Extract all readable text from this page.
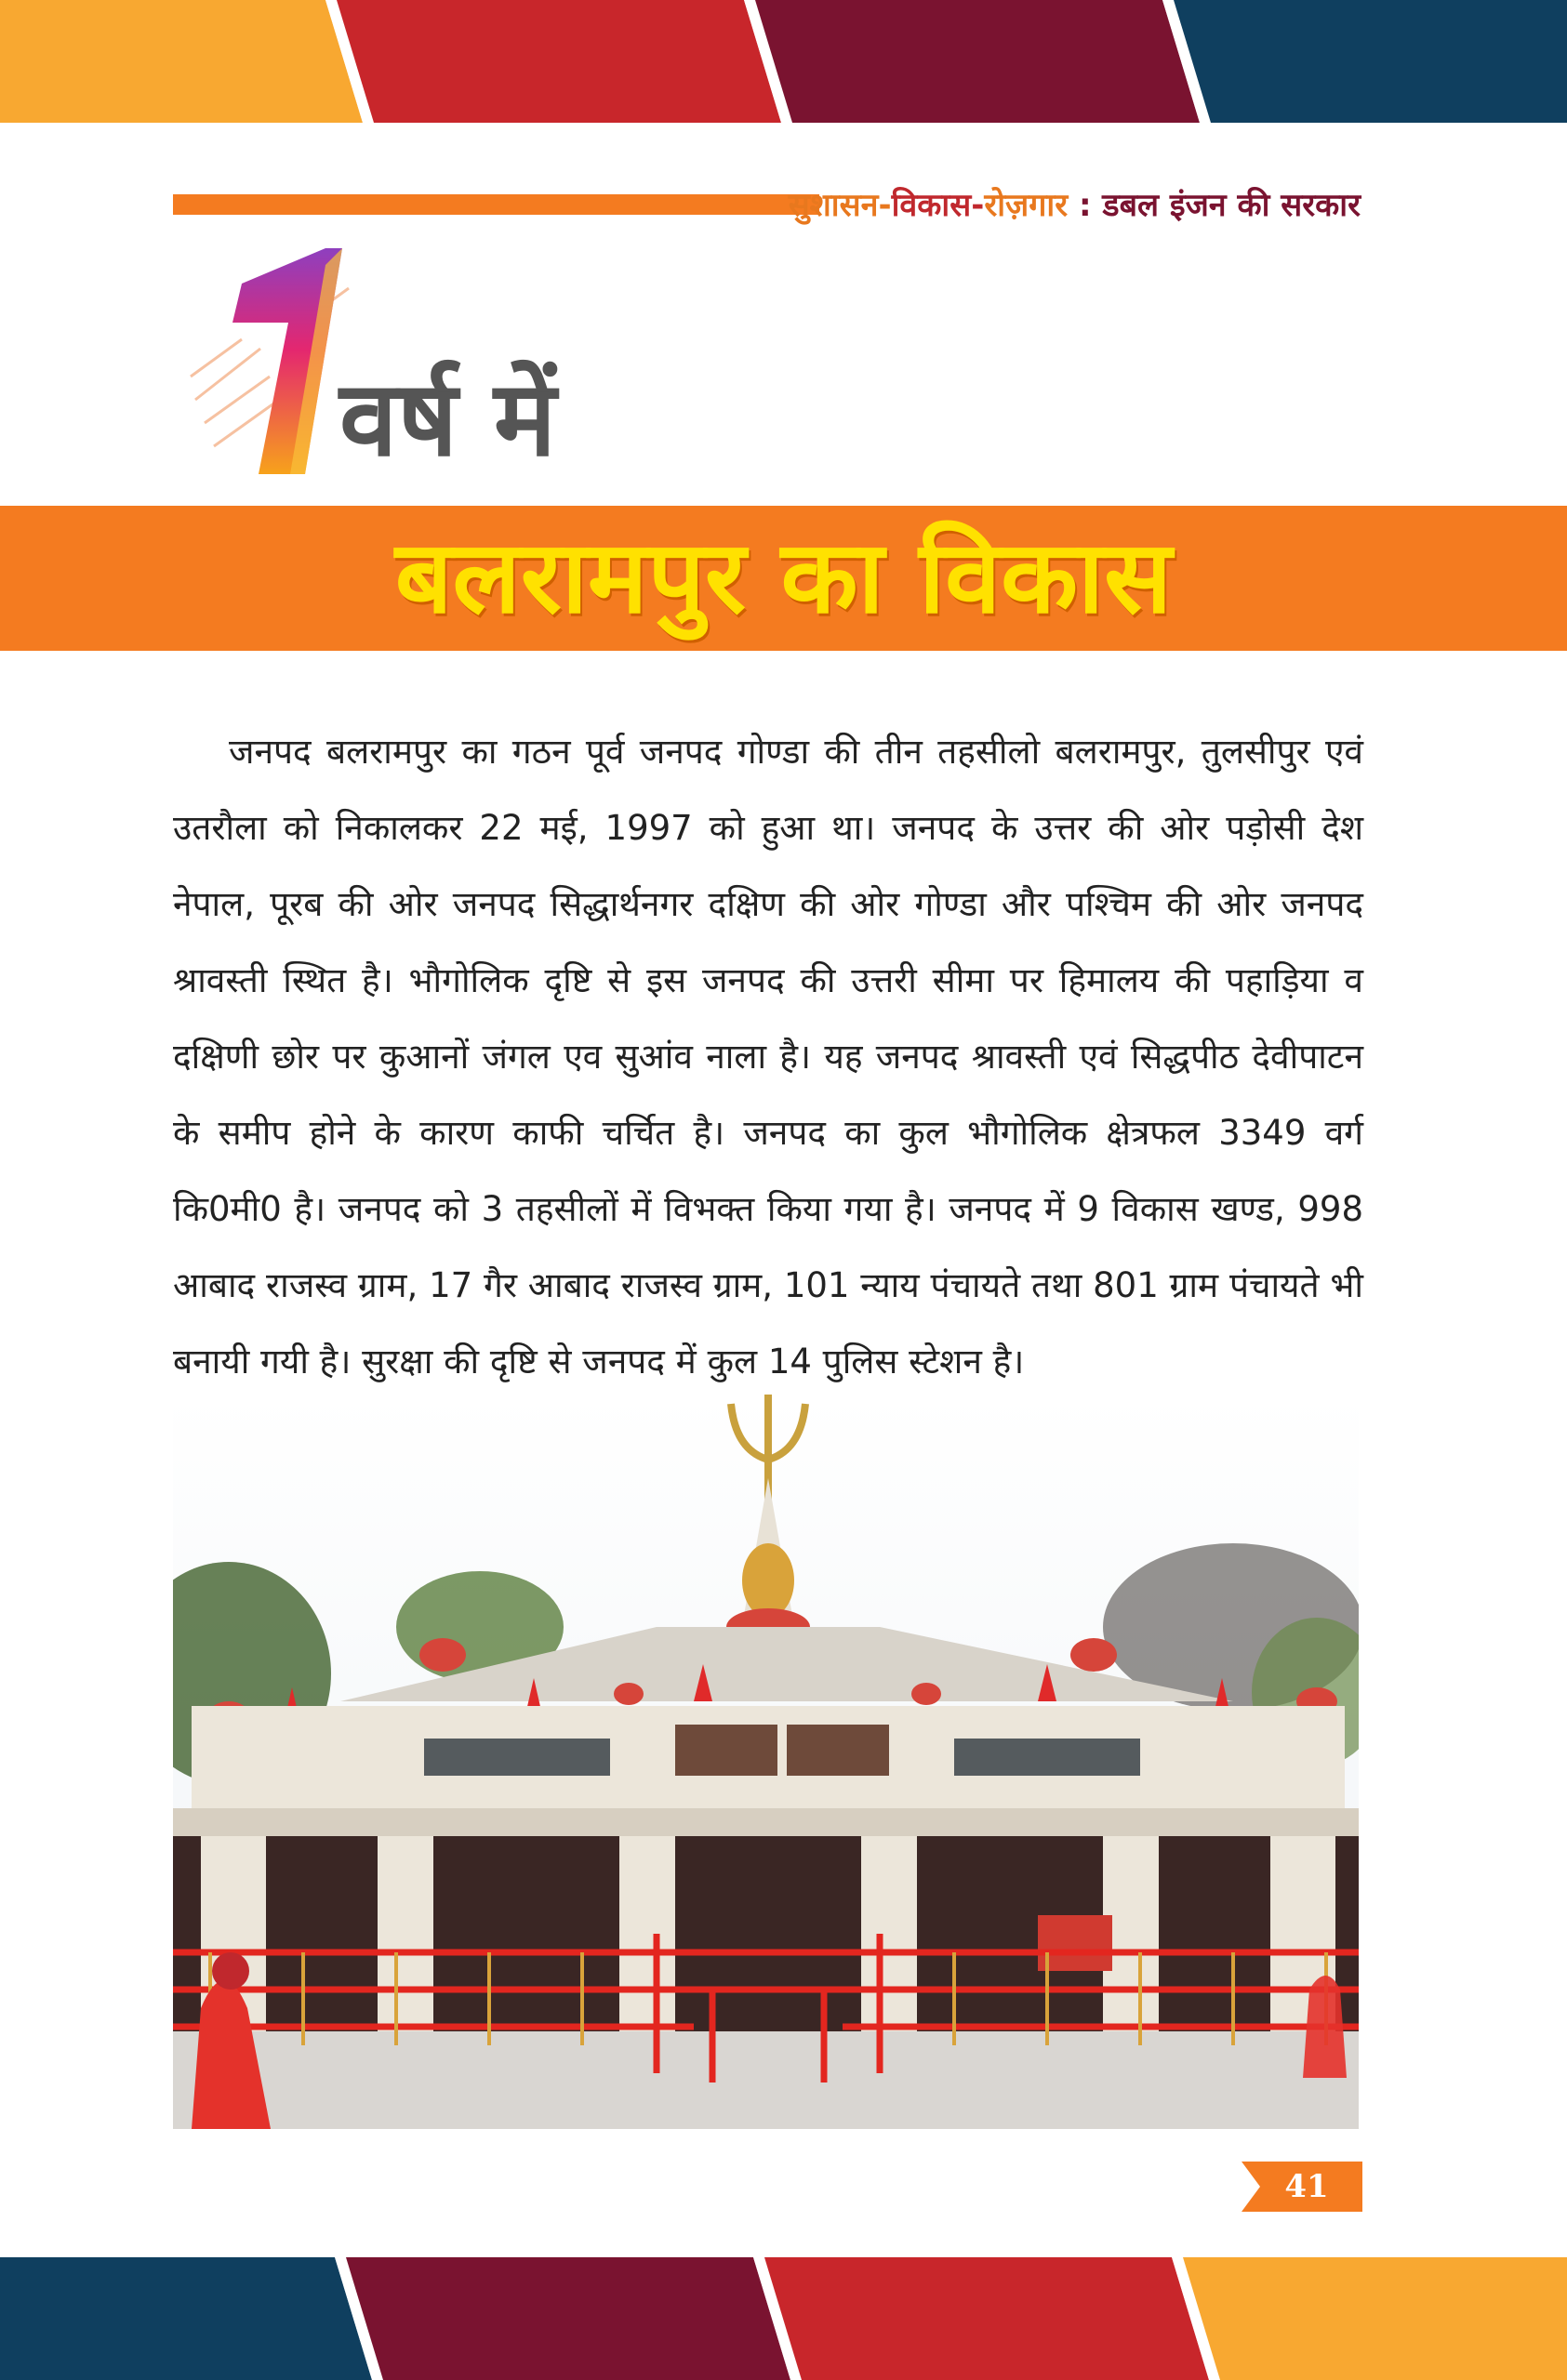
सुशासन-विकास-रोज़गार : डबल इंजन की सरकार
वर्ष में
बलरामपुर का विकास

जनपद बलरामपुर का गठन पूर्व जनपद गोण्डा की तीन तहसीलो बलरामपुर, तुलसीपुर एवं उतरौला को निकालकर 22 मई, 1997 को हुआ था। जनपद के उत्तर की ओर पड़ोसी देश नेपाल, पूरब की ओर जनपद सिद्धार्थनगर दक्षिण की ओर गोण्डा और पश्चिम की ओर जनपद श्रावस्ती स्थित है। भौगोलिक दृष्टि से इस जनपद की उत्तरी सीमा पर हिमालय की पहाड़िया व दक्षिणी छोर पर कुआनों जंगल एव सुआंव नाला है। यह जनपद श्रावस्ती एवं सिद्धपीठ देवीपाटन के समीप होने के कारण काफी चर्चित है। जनपद का कुल भौगोलिक क्षेत्रफल 3349 वर्ग कि0मी0 है। जनपद को 3 तहसीलों में विभक्त किया गया है। जनपद में 9 विकास खण्ड, 998 आबाद राजस्व ग्राम, 17 गैर आबाद राजस्व ग्राम, 101 न्याय पंचायते तथा 801 ग्राम पंचायते भी बनायी गयी है। सुरक्षा की दृष्टि से जनपद में कुल 14 पुलिस स्टेशन है।

41
